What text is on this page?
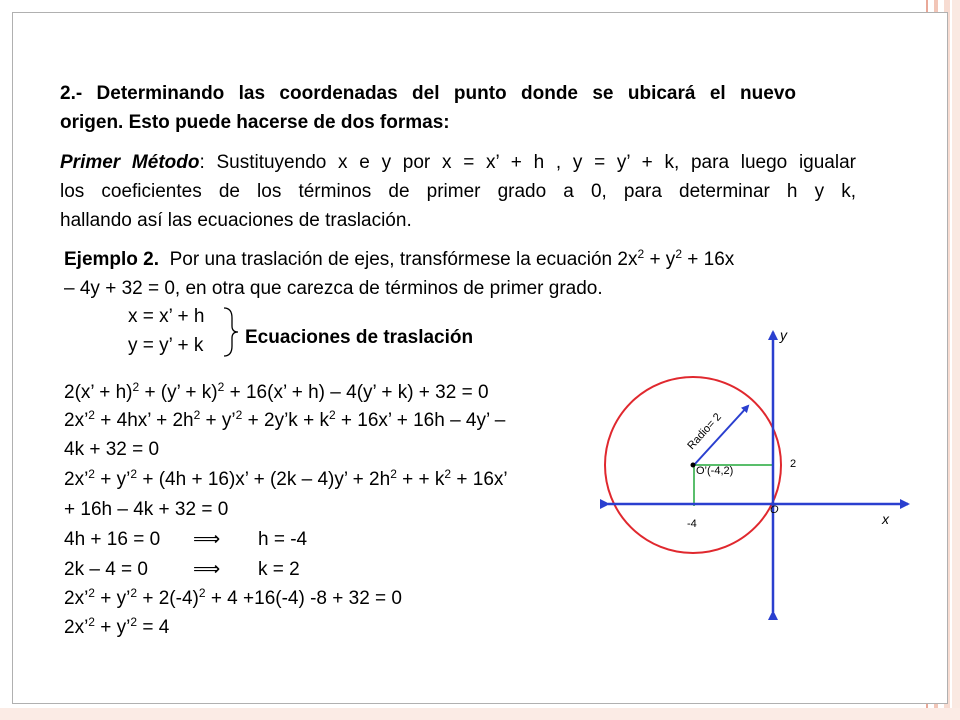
2.- Determinando las coordenadas del punto donde se ubicará el nuevo
origen. Esto puede hacerse de dos formas:
Primer Método: Sustituyendo x e y por x = x’ + h , y = y’ + k, para luego igualar
los coeficientes de los términos de primer grado a 0, para determinar h y k,
hallando así las ecuaciones de traslación.
Ejemplo 2. Por una traslación de ejes, transfórmese la ecuación $2x^2 + y^2 + 16x$
– 4y + 32 = 0, en otra que carezca de términos de primer grado.
x = x’ + h
y = y’ + k Ecuaciones de traslación
2(x’ + h)$^2$ + (y’ + k)$^2$ + 16(x’ + h) – 4(y’ + k) + 32 = 0
2x’$^2$ + 4hx’ + $2h^2$ + y’$^2$ + 2y’k + $k^2 + 16x$’ + 16h – 4y’ –
4k + 32 = 0
2x’$^2$ + y’$^2$ + (4h + 16)x’ + (2k – 4)y’ + $2h^2$ + + $k^2 + 16x$’
+ 16h – 4k + 32 = 0
4h + 16 = 0 ⟹ h = -4
2k – 4 = 0 ⟹ k = 2
2x’$^2$ + y’$^2$ + $2(-4)^2 + 4 +16(-4) -8 + 32 = 0$
2x’$^2$ + y’$^2$ = 4
y
x
O
O’(-4,2)
2
-4
Radio= 2
